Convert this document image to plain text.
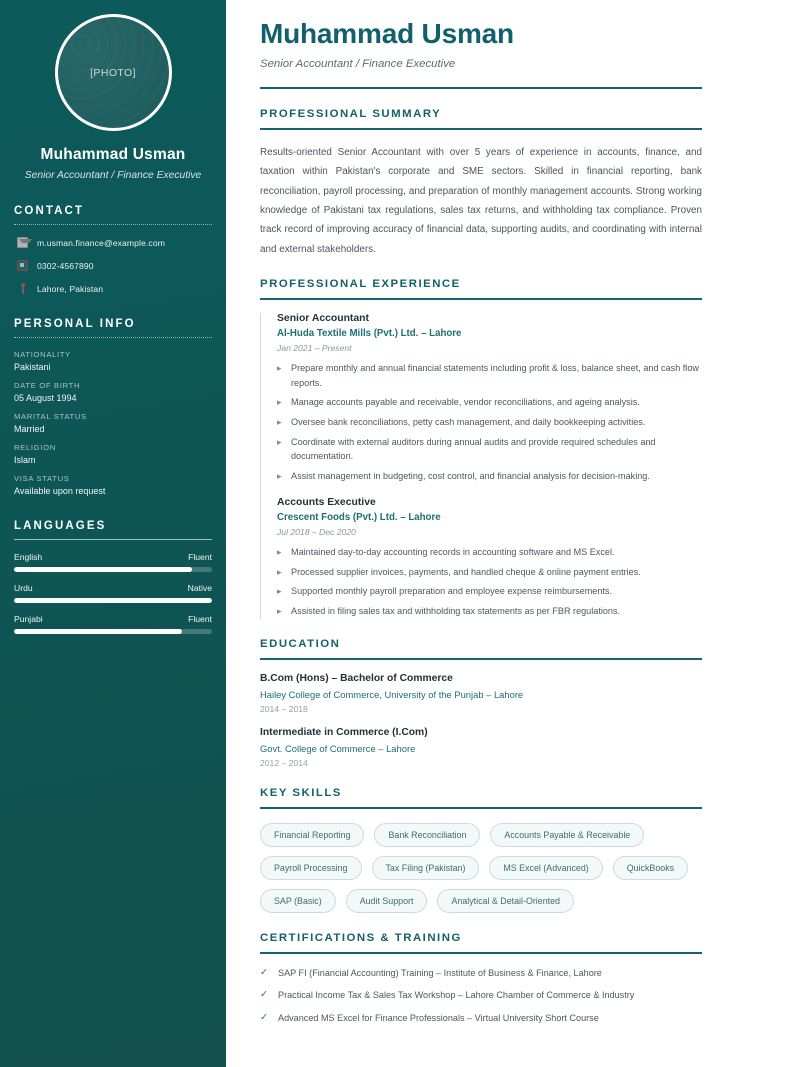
[PHOTO]
Muhammad Usman
Senior Accountant / Finance Executive
CONTACT
m.usman.finance@example.com
0302-4567890
Lahore, Pakistan
PERSONAL INFO
NATIONALITY
Pakistani
DATE OF BIRTH
05 August 1994
MARITAL STATUS
Married
RELIGION
Islam
VISA STATUS
Available upon request
LANGUAGES
English	Fluent
Urdu	Native
Punjabi	Fluent
Muhammad Usman
Senior Accountant / Finance Executive
PROFESSIONAL SUMMARY

Results-oriented Senior Accountant with over 5 years of experience in accounts, finance, and taxation within Pakistan's corporate and SME sectors. Skilled in financial reporting, bank reconciliation, payroll processing, and preparation of monthly management accounts. Strong working knowledge of Pakistani tax regulations, sales tax returns, and withholding tax compliance. Proven track record of improving accuracy of financial data, supporting audits, and coordinating with internal and external stakeholders.

PROFESSIONAL EXPERIENCE
Senior Accountant
Al-Huda Textile Mills (Pvt.) Ltd. – Lahore
Jan 2021 – Present
▸ Prepare monthly and annual financial statements including profit & loss, balance sheet, and cash flow reports.
▸ Manage accounts payable and receivable, vendor reconciliations, and ageing analysis.
▸ Oversee bank reconciliations, petty cash management, and daily bookkeeping activities.
▸ Coordinate with external auditors during annual audits and provide required schedules and documentation.
▸ Assist management in budgeting, cost control, and financial analysis for decision-making.
Accounts Executive
Crescent Foods (Pvt.) Ltd. – Lahore
Jul 2018 – Dec 2020
▸ Maintained day-to-day accounting records in accounting software and MS Excel.
▸ Processed supplier invoices, payments, and handled cheque & online payment entries.
▸ Supported monthly payroll preparation and employee expense reimbursements.
▸ Assisted in filing sales tax and withholding tax statements as per FBR regulations.
EDUCATION
B.Com (Hons) – Bachelor of Commerce
Hailey College of Commerce, University of the Punjab – Lahore
2014 – 2018
Intermediate in Commerce (I.Com)
Govt. College of Commerce – Lahore
2012 – 2014
KEY SKILLS
Financial Reporting	Bank Reconciliation	Accounts Payable & Receivable
Payroll Processing	Tax Filing (Pakistan)	MS Excel (Advanced)	QuickBooks
SAP (Basic)	Audit Support	Analytical & Detail-Oriented
CERTIFICATIONS & TRAINING
✓ SAP FI (Financial Accounting) Training – Institute of Business & Finance, Lahore
✓ Practical Income Tax & Sales Tax Workshop – Lahore Chamber of Commerce & Industry
✓ Advanced MS Excel for Finance Professionals – Virtual University Short Course
